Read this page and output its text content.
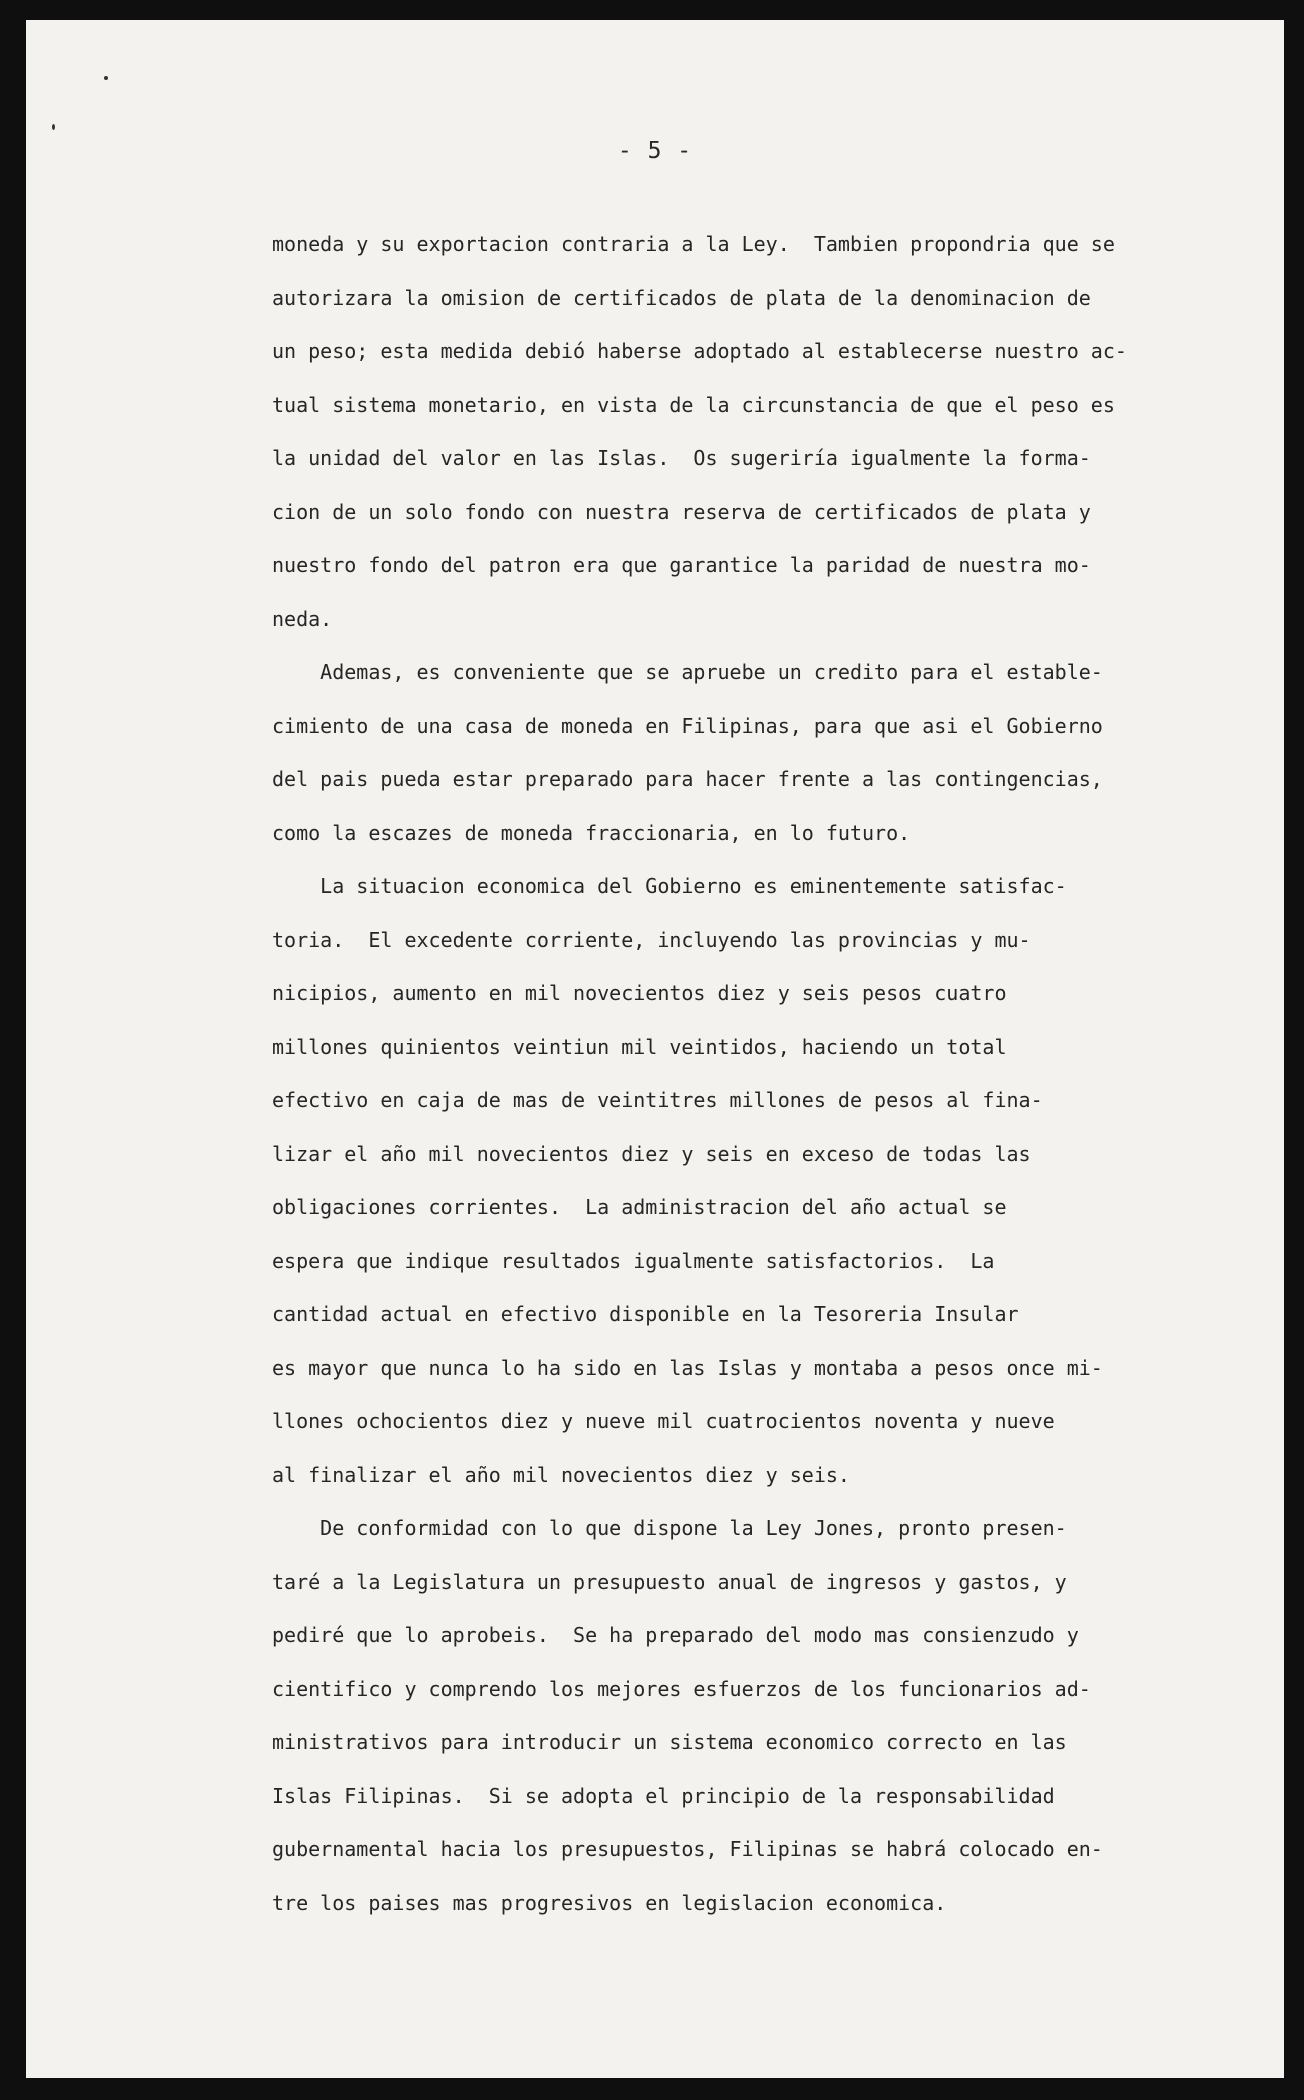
- 5 -

moneda y su exportacion contraria a la Ley.  Tambien propondria que se
autorizara la omision de certificados de plata de la denominacion de
un peso; esta medida debió haberse adoptado al establecerse nuestro ac-
tual sistema monetario, en vista de la circunstancia de que el peso es
la unidad del valor en las Islas.  Os sugeriría igualmente la forma-
cion de un solo fondo con nuestra reserva de certificados de plata y
nuestro fondo del patron era que garantice la paridad de nuestra mo-
neda.

Ademas, es conveniente que se apruebe un credito para el estable-
cimiento de una casa de moneda en Filipinas, para que asi el Gobierno
del pais pueda estar preparado para hacer frente a las contingencias,
como la escazes de moneda fraccionaria, en lo futuro.

La situacion economica del Gobierno es eminentemente satisfac-
toria.  El excedente corriente, incluyendo las provincias y mu-
nicipios, aumento en mil novecientos diez y seis pesos cuatro
millones quinientos veintiun mil veintidos, haciendo un total
efectivo en caja de mas de veintitres millones de pesos al fina-
lizar el año mil novecientos diez y seis en exceso de todas las
obligaciones corrientes.  La administracion del año actual se
espera que indique resultados igualmente satisfactorios.  La
cantidad actual en efectivo disponible en la Tesoreria Insular
es mayor que nunca lo ha sido en las Islas y montaba a pesos once mi-
llones ochocientos diez y nueve mil cuatrocientos noventa y nueve
al finalizar el año mil novecientos diez y seis.

De conformidad con lo que dispone la Ley Jones, pronto presen-
taré a la Legislatura un presupuesto anual de ingresos y gastos, y
pediré que lo aprobeis.  Se ha preparado del modo mas consienzudo y
cientifico y comprendo los mejores esfuerzos de los funcionarios ad-
ministrativos para introducir un sistema economico correcto en las
Islas Filipinas.  Si se adopta el principio de la responsabilidad
gubernamental hacia los presupuestos, Filipinas se habrá colocado en-
tre los paises mas progresivos en legislacion economica.
